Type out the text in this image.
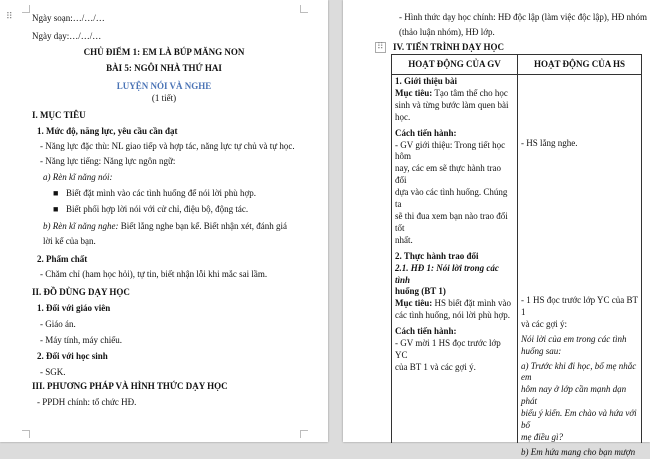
⠿ Ngày soạn:…/…/…
Ngày dạy:…/…/…
CHỦ ĐIỂM 1: EM LÀ BÚP MĂNG NON
BÀI 5: NGÔI NHÀ THỨ HAI
LUYỆN NÓI VÀ NGHE
(1 tiết)
I. MỤC TIÊU
1. Mức độ, năng lực, yêu cầu cần đạt
- Năng lực đặc thù: NL giao tiếp và hợp tác, năng lực tự chủ và tự học.
- Năng lực tiếng: Năng lực ngôn ngữ:
a) Rèn kĩ năng nói:
■ Biết đặt mình vào các tình huống để nói lời phù hợp.
■ Biết phối hợp lời nói với cử chỉ, điệu bộ, động tác.
b) Rèn kĩ năng nghe: Biết lắng nghe bạn kể. Biết nhận xét, đánh giá
lời kể của bạn.
2. Phẩm chất
- Chăm chỉ (ham học hỏi), tự tin, biết nhận lỗi khi mắc sai lầm.
II. ĐỒ DÙNG DẠY HỌC
1. Đối với giáo viên
- Giáo án.
- Máy tính, máy chiếu.
2. Đối với học sinh
- SGK.
III. PHƯƠNG PHÁP VÀ HÌNH THỨC DẠY HỌC
- PPDH chính: tổ chức HĐ.
- Hình thức dạy học chính: HĐ độc lập (làm việc độc lập), HĐ nhóm
(thảo luận nhóm), HĐ lớp.
⠿ IV. TIẾN TRÌNH DẠY HỌC
HOẠT ĐỘNG CỦA GV	HOẠT ĐỘNG CỦA HS

1. Giới thiệu bài

Mục tiêu: Tạo tâm thế cho học

sinh và từng bước làm quen bài

học.

Cách tiến hành:

- GV giới thiệu: Trong tiết học hôm

nay, các em sẽ thực hành trao đổi

dựa vào các tình huống. Chúng ta

sẽ thi đua xem bạn nào trao đổi tốt

nhất.

2. Thực hành trao đổi

2.1. HĐ 1: Nói lời trong các tình

huống (BT 1)

Mục tiêu: HS biết đặt mình vào

các tình huống, nói lời phù hợp.

Cách tiến hành:

- GV mời 1 HS đọc trước lớp YC

của BT 1 và các gợi ý.

- HS lắng nghe.

- 1 HS đọc trước lớp YC của BT 1

và các gợi ý:

Nói lời của em trong các tình

huống sau:

a) Trước khi đi học, bố mẹ nhắc em

hôm nay ở lớp cần mạnh dạn phát

biểu ý kiến. Em chào và hứa với bố

mẹ điều gì?

b) Em hứa mang cho bạn mượn
